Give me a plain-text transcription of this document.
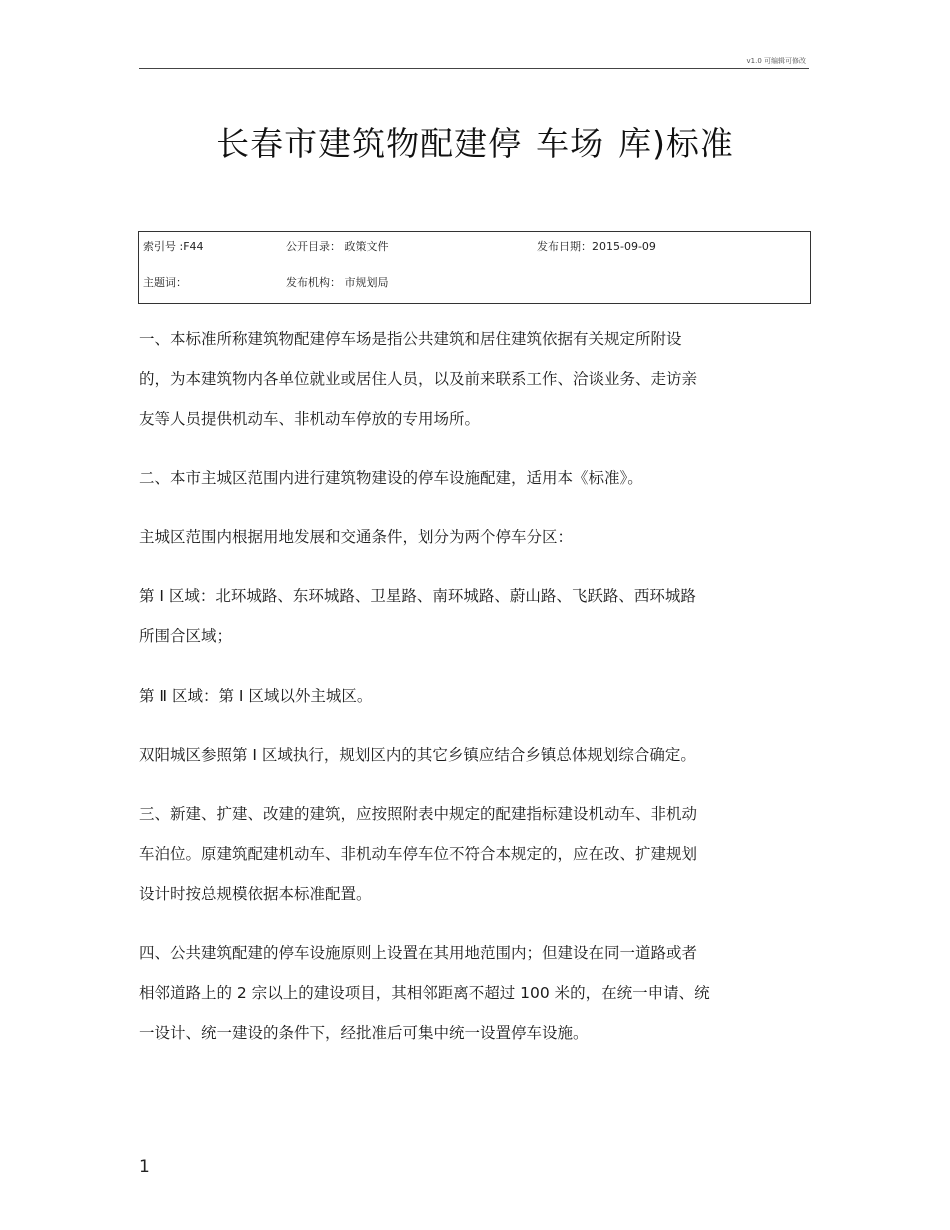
v1.0 可编辑可修改
长春市建筑物配建停 车场 库)标准
索引号 :F44	公开目录： 政策文件	发布日期：2015-09-09
主题词：	发布机构： 市规划局

一、本标准所称建筑物配建停车场是指公共建筑和居住建筑依据有关规定所附设

的，为本建筑物内各单位就业或居住人员，以及前来联系工作、洽谈业务、走访亲

友等人员提供机动车、非机动车停放的专用场所。

二、本市主城区范围内进行建筑物建设的停车设施配建，适用本《标准》。

主城区范围内根据用地发展和交通条件，划分为两个停车分区：

第 Ⅰ 区域：北环城路、东环城路、卫星路、南环城路、蔚山路、飞跃路、西环城路

所围合区域；

第 Ⅱ 区域：第 Ⅰ 区域以外主城区。

双阳城区参照第 Ⅰ 区域执行，规划区内的其它乡镇应结合乡镇总体规划综合确定。

三、新建、扩建、改建的建筑，应按照附表中规定的配建指标建设机动车、非机动

车泊位。原建筑配建机动车、非机动车停车位不符合本规定的，应在改、扩建规划

设计时按总规模依据本标准配置。

四、公共建筑配建的停车设施原则上设置在其用地范围内；但建设在同一道路或者

相邻道路上的 2 宗以上的建设项目，其相邻距离不超过 100 米的，在统一申请、统

一设计、统一建设的条件下，经批准后可集中统一设置停车设施。

1
